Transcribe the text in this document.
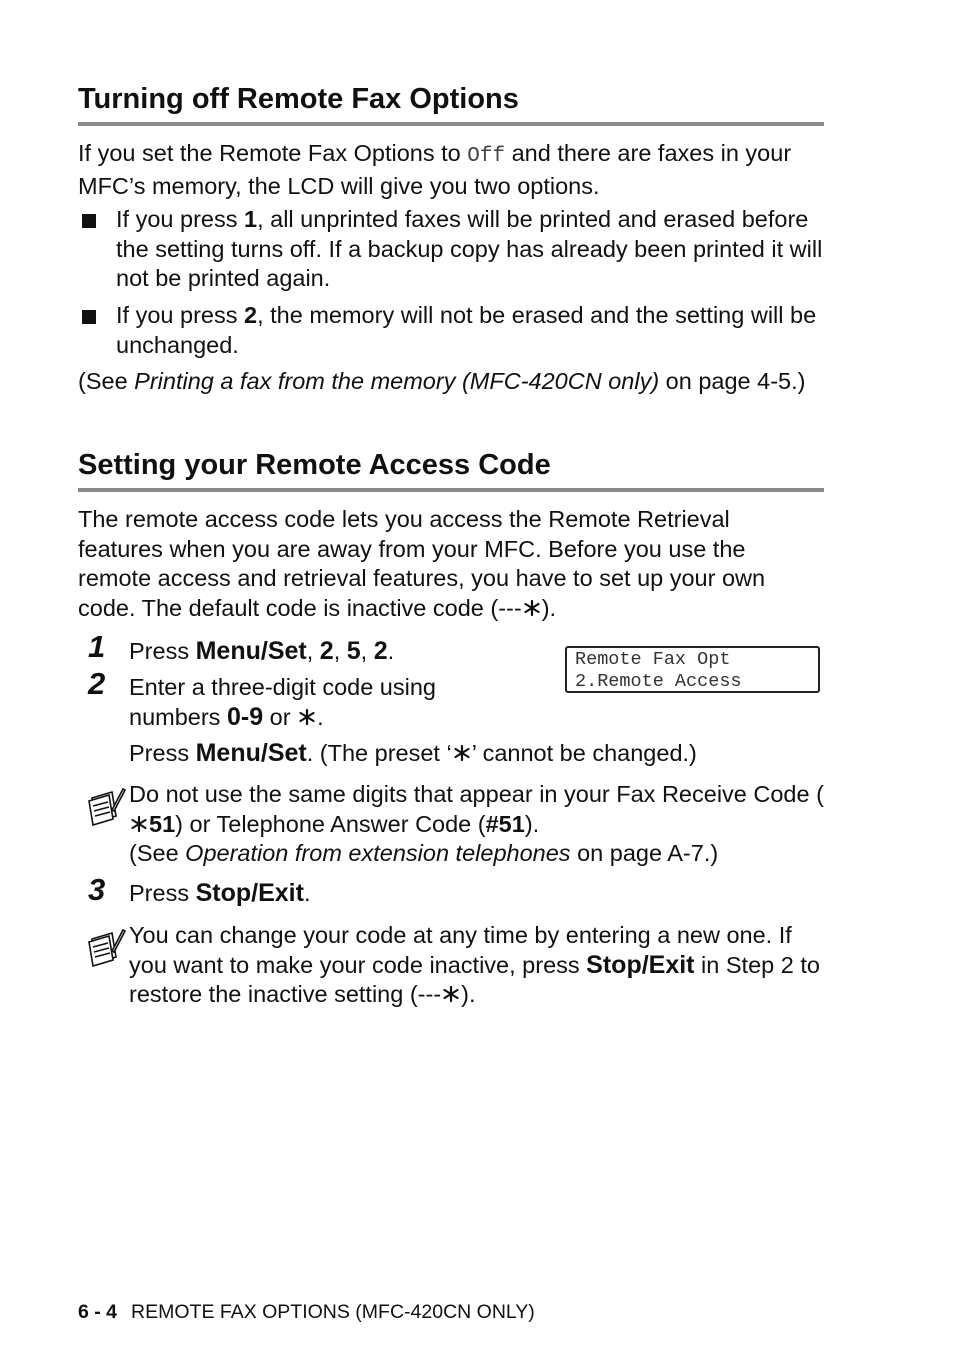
Turning off Remote Fax Options

If you set the Remote Fax Options to Off and there are faxes in your MFC’s memory, the LCD will give you two options.

If you press 1, all unprinted faxes will be printed and erased before the setting turns off. If a backup copy has already been printed it will not be printed again.
If you press 2, the memory will not be erased and the setting will be unchanged.

(See Printing a fax from the memory (MFC-420CN only) on page 4-5.)

Setting your Remote Access Code

The remote access code lets you access the Remote Retrieval features when you are away from your MFC. Before you use the remote access and retrieval features, you have to set up your own code. The default code is inactive code (--- ).

1 Press Menu/Set, 2, 5, 2.	Remote Fax Opt
2.Remote Access
2 Enter a three-digit code using
numbers 0-9 or .
Press Menu/Set. (The preset ‘ ’ cannot be changed.)
Do not use the same digits that appear in your Fax Receive Code (51) or Telephone Answer Code (#51).
(See Operation from extension telephones on page A-7.)
3 Press Stop/Exit.
You can change your code at any time by entering a new one. If you want to make your code inactive, press Stop/Exit in Step 2 to restore the inactive setting (--- ).
6 - 4 REMOTE FAX OPTIONS (MFC-420CN ONLY)
